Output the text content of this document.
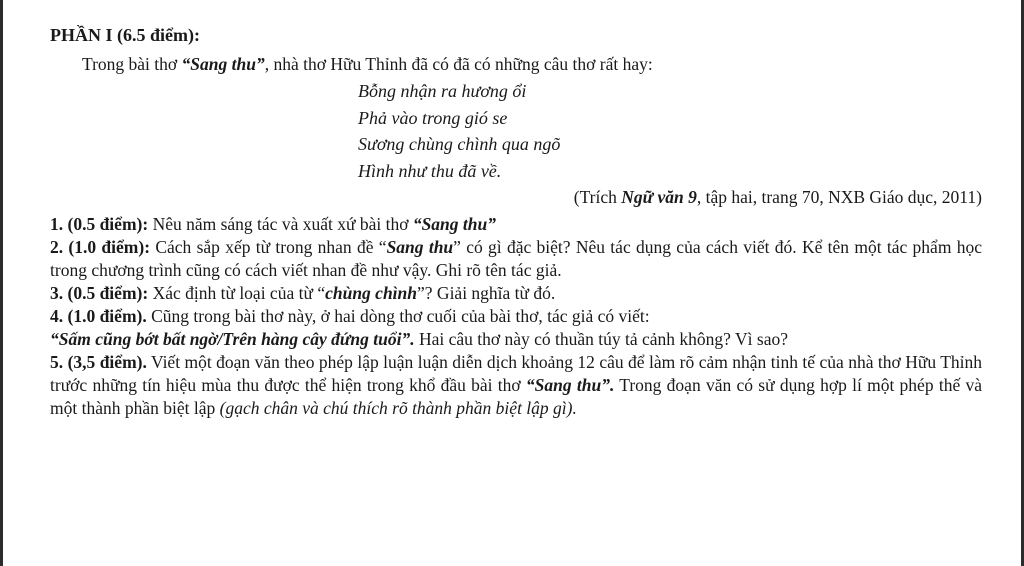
PHẦN I (6.5 điểm):
Trong bài thơ “Sang thu”, nhà thơ Hữu Thỉnh đã có đã có những câu thơ rất hay:
Bỗng nhận ra hương ổi
Phả vào trong gió se
Sương chùng chình qua ngõ
Hình như thu đã về.
(Trích Ngữ văn 9, tập hai, trang 70, NXB Giáo dục, 2011)
1. (0.5 điểm): Nêu năm sáng tác và xuất xứ bài thơ “Sang thu”
2. (1.0 điểm): Cách sắp xếp từ trong nhan đề “Sang thu” có gì đặc biệt? Nêu tác dụng của cách viết đó. Kể tên một tác phẩm học trong chương trình cũng có cách viết nhan đề như vậy. Ghi rõ tên tác giả.
3. (0.5 điểm): Xác định từ loại của từ “chùng chình”? Giải nghĩa từ đó.
4. (1.0 điểm). Cũng trong bài thơ này, ở hai dòng thơ cuối của bài thơ, tác giả có viết:
“Sấm cũng bớt bất ngờ/Trên hàng cây đứng tuổi”. Hai câu thơ này có thuần túy tả cảnh không? Vì sao?
5. (3,5 điểm). Viết một đoạn văn theo phép lập luận luận diễn dịch khoảng 12 câu để làm rõ cảm nhận tinh tế của nhà thơ Hữu Thỉnh trước những tín hiệu mùa thu được thể hiện trong khổ đầu bài thơ “Sang thu”. Trong đoạn văn có sử dụng hợp lí một phép thế và một thành phần biệt lập (gạch chân và chú thích rõ thành phần biệt lập gì).
